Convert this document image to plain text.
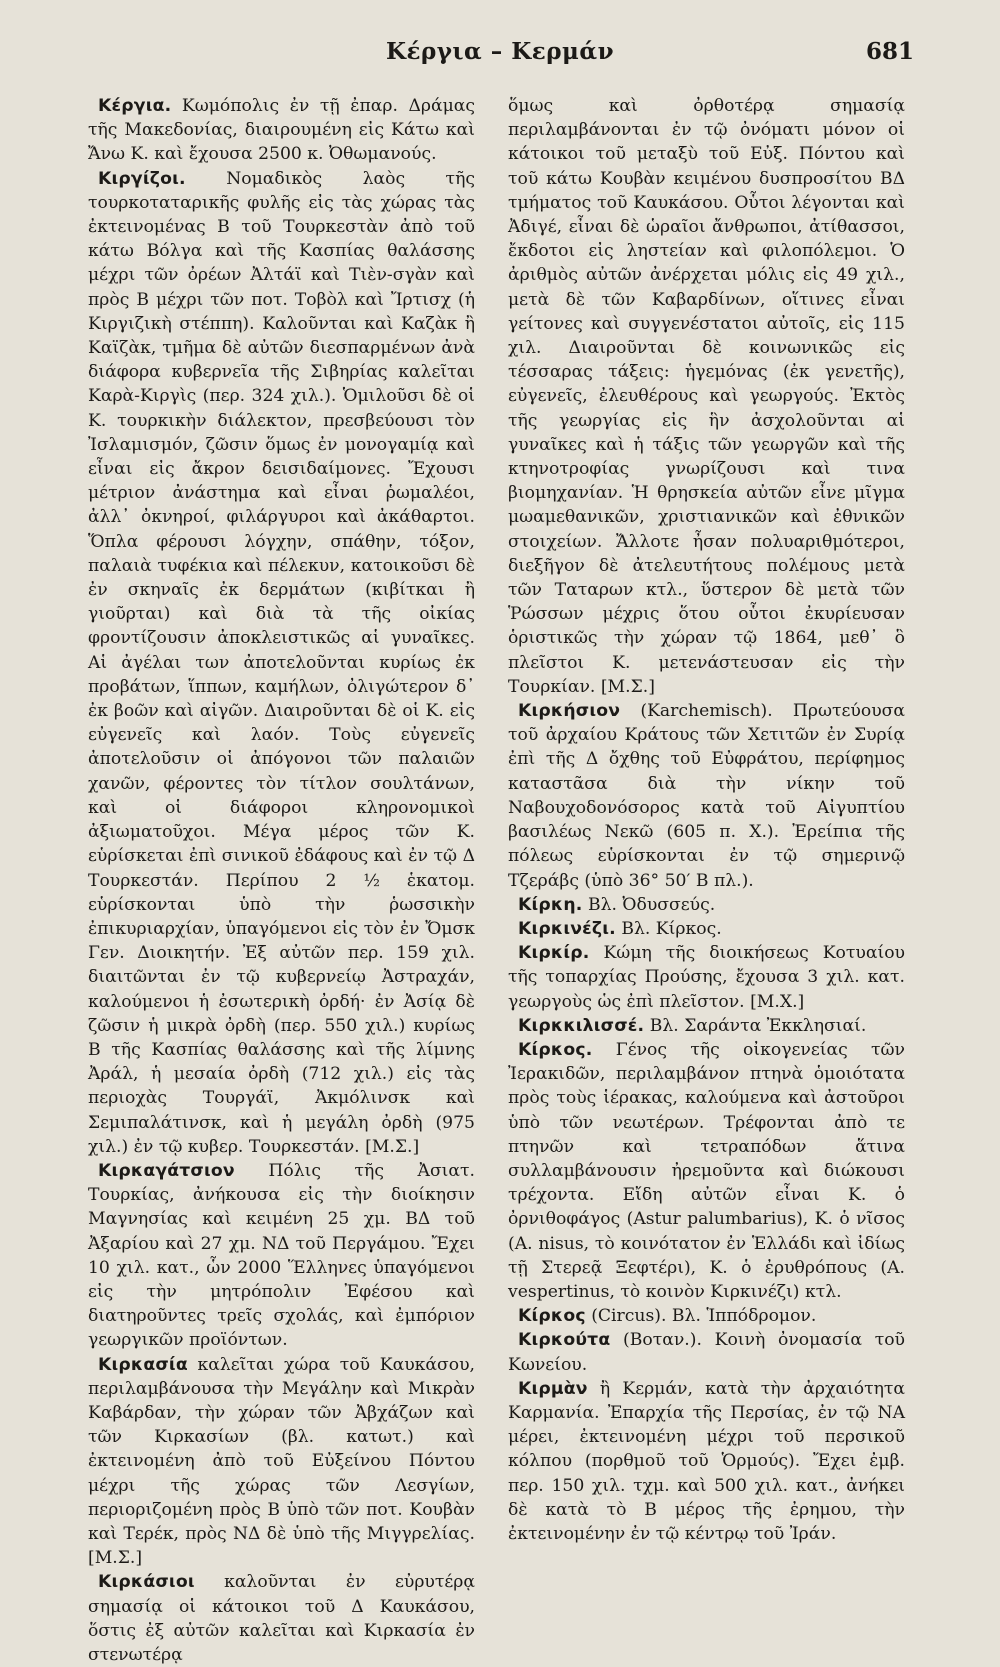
Κέργια – Κερμάν	681

Κέργια. Κωμόπολις ἐν τῇ ἐπαρ. Δράμας τῆς Μακεδονίας, διαιρουμένη εἰς Κάτω καὶ Ἄνω Κ. καὶ ἔχουσα 2500 κ. Ὀθωμανούς.

Κιργίζοι. Νομαδικὸς λαὸς τῆς τουρκοταταρικῆς φυλῆς εἰς τὰς χώρας τὰς ἐκτεινομένας Β τοῦ Τουρκεστὰν ἀπὸ τοῦ κάτω Βόλγα καὶ τῆς Κασπίας θαλάσσης μέχρι τῶν ὀρέων Ἀλτάϊ καὶ Τιὲν-σγὰν καὶ πρὸς Β μέχρι τῶν ποτ. Τοβὸλ καὶ Ἴρτισχ (ἡ Κιργιζικὴ στέππη). Καλοῦνται καὶ Καζὰκ ἢ Καϊζὰκ, τμῆμα δὲ αὐτῶν διεσπαρμένων ἀνὰ διάφορα κυβερνεῖα τῆς Σιβηρίας καλεῖται Καρὰ-Κιργὶς (περ. 324 χιλ.). Ὁμιλοῦσι δὲ οἱ Κ. τουρκικὴν διάλεκτον, πρεσβεύουσι τὸν Ἰσλαμισμόν, ζῶσιν ὅμως ἐν μονογαμίᾳ καὶ εἶναι εἰς ἄκρον δεισιδαίμονες. Ἔχουσι μέτριον ἀνάστημα καὶ εἶναι ῥωμαλέοι, ἀλλ᾽ ὀκνηροί, φιλάργυροι καὶ ἀκάθαρτοι. Ὅπλα φέρουσι λόγχην, σπάθην, τόξον, παλαιὰ τυφέκια καὶ πέλεκυν, κατοικοῦσι δὲ ἐν σκηναῖς ἐκ δερμάτων (κιβίτκαι ἢ γιοῦρται) καὶ διὰ τὰ τῆς οἰκίας φροντίζουσιν ἀποκλειστικῶς αἱ γυναῖκες. Αἱ ἀγέλαι των ἀποτελοῦνται κυρίως ἐκ προβάτων, ἵππων, καμήλων, ὀλιγώτερον δ᾽ ἐκ βοῶν καὶ αἰγῶν. Διαιροῦνται δὲ οἱ Κ. εἰς εὐγενεῖς καὶ λαόν. Τοὺς εὐγενεῖς ἀποτελοῦσιν οἱ ἀπόγονοι τῶν παλαιῶν χανῶν, φέροντες τὸν τίτλον σουλτάνων, καὶ οἱ διάφοροι κληρονομικοὶ ἀξιωματοῦχοι. Μέγα μέρος τῶν Κ. εὑρίσκεται ἐπὶ σινικοῦ ἐδάφους καὶ ἐν τῷ Δ Τουρκεστάν. Περίπου 2 ½ ἑκατομ. εὑρίσκονται ὑπὸ τὴν ῥωσσικὴν ἐπικυριαρχίαν, ὑπαγόμενοι εἰς τὸν ἐν Ὄμσκ Γεν. Διοικητήν. Ἐξ αὐτῶν περ. 159 χιλ. διαιτῶνται ἐν τῷ κυβερνείῳ Ἀστραχάν, καλούμενοι ἡ ἐσωτερικὴ ὀρδή· ἐν Ἀσίᾳ δὲ ζῶσιν ἡ μικρὰ ὀρδὴ (περ. 550 χιλ.) κυρίως Β τῆς Κασπίας θαλάσσης καὶ τῆς λίμνης Ἀράλ, ἡ μεσαία ὀρδὴ (712 χιλ.) εἰς τὰς περιοχὰς Τουργάϊ, Ἀκμόλινσκ καὶ Σεμιπαλάτινσκ, καὶ ἡ μεγάλη ὀρδὴ (975 χιλ.) ἐν τῷ κυβερ. Τουρκεστάν. [Μ.Σ.]

Κιρκαγάτσιον Πόλις τῆς Ἀσιατ. Τουρκίας, ἀνήκουσα εἰς τὴν διοίκησιν Μαγνησίας καὶ κειμένη 25 χμ. ΒΔ τοῦ Ἀξαρίου καὶ 27 χμ. ΝΔ τοῦ Περγάμου. Ἔχει 10 χιλ. κατ., ὧν 2000 Ἕλληνες ὑπαγόμενοι εἰς τὴν μητρόπολιν Ἐφέσου καὶ διατηροῦντες τρεῖς σχολάς, καὶ ἐμπόριον γεωργικῶν προϊόντων.

Κιρκασία καλεῖται χώρα τοῦ Καυκάσου, περιλαμβάνουσα τὴν Μεγάλην καὶ Μικρὰν Καβάρδαν, τὴν χώραν τῶν Ἀβχάζων καὶ τῶν Κιρκασίων (βλ. κατωτ.) καὶ ἐκτεινομένη ἀπὸ τοῦ Εὐξείνου Πόντου μέχρι τῆς χώρας τῶν Λεσγίων, περιοριζομένη πρὸς Β ὑπὸ τῶν ποτ. Κουβὰν καὶ Τερέκ, πρὸς ΝΔ δὲ ὑπὸ τῆς Μιγγρελίας. [Μ.Σ.]

Κιρκάσιοι καλοῦνται ἐν εὐρυτέρᾳ σημασίᾳ οἱ κάτοικοι τοῦ Δ Καυκάσου, ὅστις ἐξ αὐτῶν καλεῖται καὶ Κιρκασία ἐν στενωτέρᾳ

ὅμως καὶ ὀρθοτέρᾳ σημασίᾳ περιλαμβάνονται ἐν τῷ ὀνόματι μόνον οἱ κάτοικοι τοῦ μεταξὺ τοῦ Εὐξ. Πόντου καὶ τοῦ κάτω Κουβὰν κειμένου δυσπροσίτου ΒΔ τμήματος τοῦ Καυκάσου. Οὗτοι λέγονται καὶ Ἀδιγέ, εἶναι δὲ ὡραῖοι ἄνθρωποι, ἀτίθασσοι, ἔκδοτοι εἰς ληστείαν καὶ φιλοπόλεμοι. Ὁ ἀριθμὸς αὐτῶν ἀνέρχεται μόλις εἰς 49 χιλ., μετὰ δὲ τῶν Καβαρδίνων, οἵτινες εἶναι γείτονες καὶ συγγενέστατοι αὐτοῖς, εἰς 115 χιλ. Διαιροῦνται δὲ κοινωνικῶς εἰς τέσσαρας τάξεις: ἡγεμόνας (ἐκ γενετῆς), εὐγενεῖς, ἐλευθέρους καὶ γεωργούς. Ἐκτὸς τῆς γεωργίας εἰς ἣν ἀσχολοῦνται αἱ γυναῖκες καὶ ἡ τάξις τῶν γεωργῶν καὶ τῆς κτηνοτροφίας γνωρίζουσι καὶ τινα βιομηχανίαν. Ἡ θρησκεία αὐτῶν εἶνε μῖγμα μωαμεθανικῶν, χριστιανικῶν καὶ ἐθνικῶν στοιχείων. Ἄλλοτε ἦσαν πολυαριθμότεροι, διεξῆγον δὲ ἀτελευτήτους πολέμους μετὰ τῶν Ταταρων κτλ., ὕστερον δὲ μετὰ τῶν Ῥώσσων μέχρις ὅτου οὗτοι ἐκυρίευσαν ὁριστικῶς τὴν χώραν τῷ 1864, μεθ᾽ ὃ πλεῖστοι Κ. μετενάστευσαν εἰς τὴν Τουρκίαν. [Μ.Σ.]

Κιρκήσιον (Karchemisch). Πρωτεύουσα τοῦ ἀρχαίου Κράτους τῶν Χετιτῶν ἐν Συρίᾳ ἐπὶ τῆς Δ ὄχθης τοῦ Εὐφράτου, περίφημος καταστᾶσα διὰ τὴν νίκην τοῦ Ναβουχοδονόσορος κατὰ τοῦ Αἰγυπτίου βασιλέως Νεκῶ (605 π. Χ.). Ἐρείπια τῆς πόλεως εὑρίσκονται ἐν τῷ σημερινῷ Τζεράβς (ὑπὸ 36° 50′ Β πλ.).

Κίρκη. Βλ. Ὀδυσσεύς.

Κιρκινέζι. Βλ. Κίρκος.

Κιρκίρ. Κώμη τῆς διοικήσεως Κοτυαίου τῆς τοπαρχίας Προύσης, ἔχουσα 3 χιλ. κατ. γεωργοὺς ὡς ἐπὶ πλεῖστον. [Μ.Χ.]

Κιρκκιλισσέ. Βλ. Σαράντα Ἐκκλησιαί.

Κίρκος. Γένος τῆς οἰκογενείας τῶν Ἰερακιδῶν, περιλαμβάνον πτηνὰ ὁμοιότατα πρὸς τοὺς ἱέρακας, καλούμενα καὶ ἀστοῦροι ὑπὸ τῶν νεωτέρων. Τρέφονται ἀπὸ τε πτηνῶν καὶ τετραπόδων ἅτινα συλλαμβάνουσιν ἠρεμοῦντα καὶ διώκουσι τρέχοντα. Εἴδη αὐτῶν εἶναι Κ. ὁ ὀρνιθοφάγος (Astur palumbarius), Κ. ὁ νῖσος (A. nisus, τὸ κοινότατον ἐν Ἑλλάδι καὶ ἰδίως τῇ Στερεᾷ Ξεφτέρι), Κ. ὁ ἐρυθρόπους (A. vespertinus, τὸ κοινὸν Κιρκινέζι) κτλ.

Κίρκος (Circus). Βλ. Ἱππόδρομον.

Κιρκούτα (Βοταν.). Κοινὴ ὀνομασία τοῦ Κωνείου.

Κιρμὰν ἢ Κερμάν, κατὰ τὴν ἀρχαιότητα Καρμανία. Ἐπαρχία τῆς Περσίας, ἐν τῷ ΝΑ μέρει, ἐκτεινομένη μέχρι τοῦ περσικοῦ κόλπου (πορθμοῦ τοῦ Ὁρμούς). Ἔχει ἐμβ. περ. 150 χιλ. τχμ. καὶ 500 χιλ. κατ., ἀνήκει δὲ κατὰ τὸ Β μέρος τῆς ἐρημου, τὴν ἐκτεινομένην ἐν τῷ κέντρῳ τοῦ Ἰράν.
